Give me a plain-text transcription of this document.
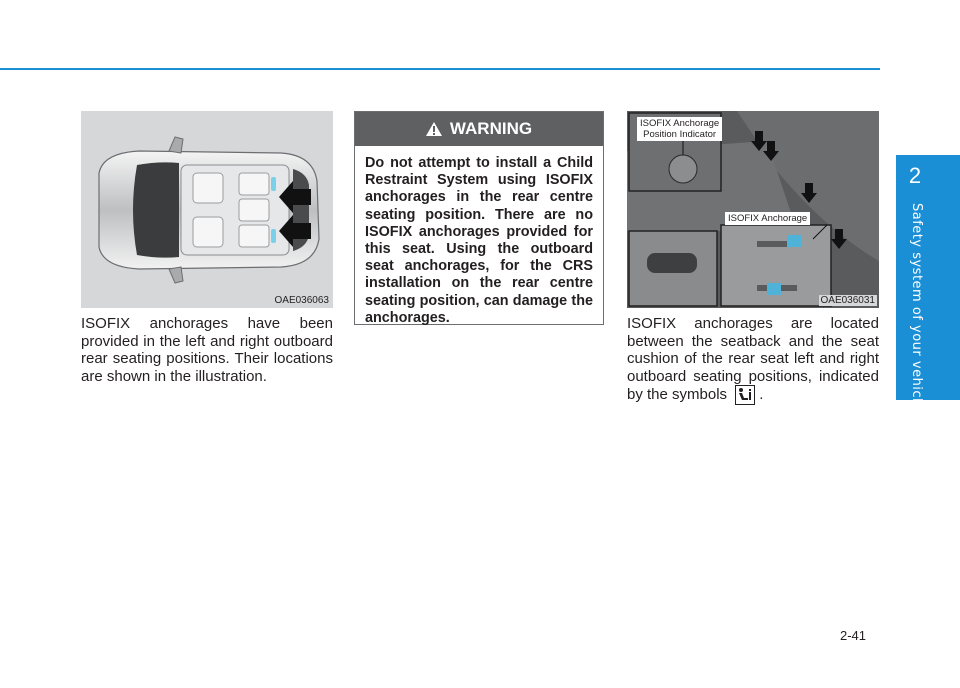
2
Safety system of your vehicle
OAE036063
ISOFIX anchorages have been provided in the left and right outboard rear seating positions. Their locations are shown in the illustration.
WARNING
Do not attempt to install a Child Restraint System using ISOFIX anchorages in the rear centre seating position. There are no ISOFIX anchorages provided for this seat. Using the outboard seat anchorages, for the CRS installation on the rear centre seating position, can damage the anchorages.
ISOFIX Anchorage
Position Indicator
ISOFIX Anchorage
OAE036031
ISOFIX anchorages are located between the seatback and the seat cushion of the rear seat left and right outboard seating positions, indicated by the symbols .
2-41
